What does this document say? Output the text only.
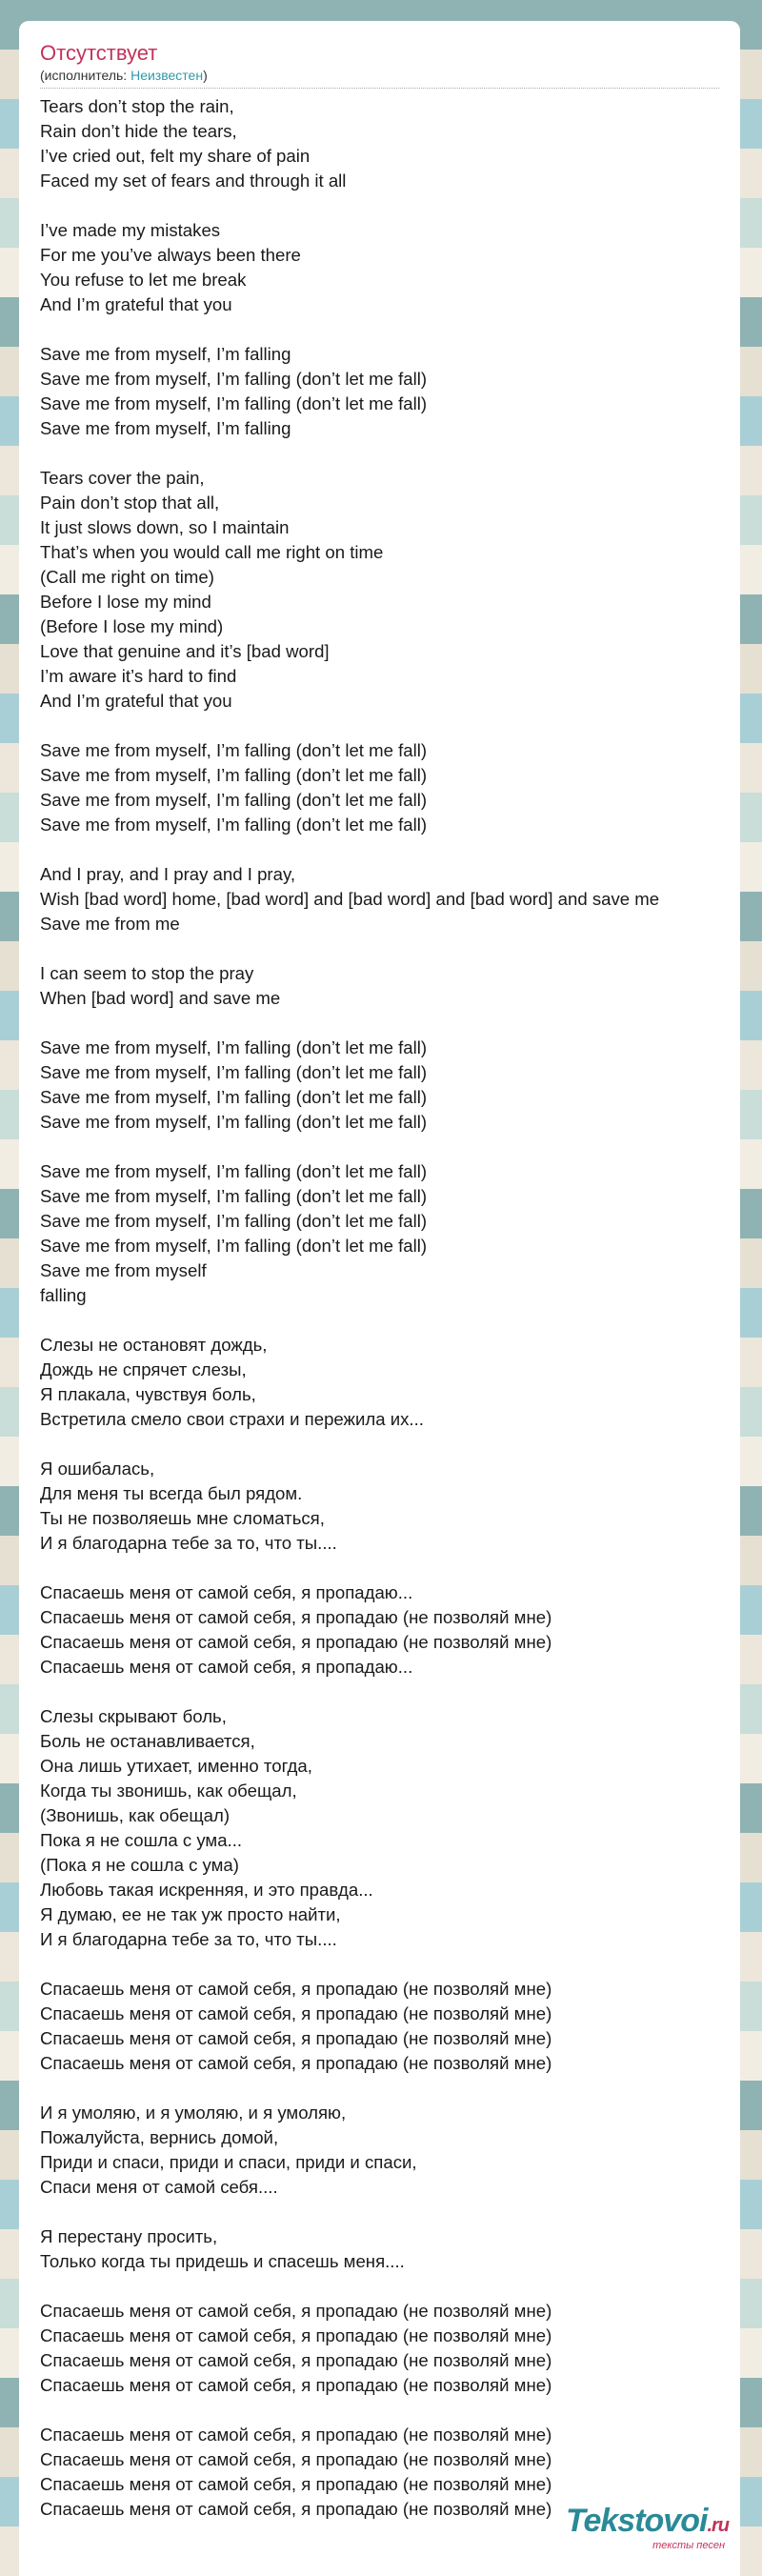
Отсутствует
(исполнитель: Неизвестен)
Tears don’t stop the rain,
Rain don’t hide the tears,
I’ve cried out, felt my share of pain
Faced my set of fears and through it all
I’ve made my mistakes
For me you’ve always been there
You refuse to let me break
And I’m grateful that you
Save me from myself, I’m falling
Save me from myself, I’m falling (don’t let me fall)
Save me from myself, I’m falling (don’t let me fall)
Save me from myself, I’m falling
Tears cover the pain,
Pain don’t stop that all,
It just slows down, so I maintain
That’s when you would call me right on time
(Call me right on time)
Before I lose my mind
(Before I lose my mind)
Love that genuine and it’s [bad word]
I’m aware it’s hard to find
And I’m grateful that you
Save me from myself, I’m falling (don’t let me fall)
Save me from myself, I’m falling (don’t let me fall)
Save me from myself, I’m falling (don’t let me fall)
Save me from myself, I’m falling (don’t let me fall)
And I pray, and I pray and I pray,
Wish [bad word] home, [bad word] and [bad word] and [bad word] and save me
Save me from me
I can seem to stop the pray
When [bad word] and save me
Save me from myself, I’m falling (don’t let me fall)
Save me from myself, I’m falling (don’t let me fall)
Save me from myself, I’m falling (don’t let me fall)
Save me from myself, I’m falling (don’t let me fall)
Save me from myself, I’m falling (don’t let me fall)
Save me from myself, I’m falling (don’t let me fall)
Save me from myself, I’m falling (don’t let me fall)
Save me from myself, I’m falling (don’t let me fall)
Save me from myself
falling
Слезы не остановят дождь,
Дождь не спрячет слезы,
Я плакала, чувствуя боль,
Встретила смело свои страхи и пережила их...
Я ошибалась,
Для меня ты всегда был рядом.
Ты не позволяешь мне сломаться,
И я благодарна тебе за то, что ты....
Спасаешь меня от самой себя, я пропадаю...
Спасаешь меня от самой себя, я пропадаю (не позволяй мне)
Спасаешь меня от самой себя, я пропадаю (не позволяй мне)
Спасаешь меня от самой себя, я пропадаю...
Слезы скрывают боль,
Боль не останавливается,
Она лишь утихает, именно тогда,
Когда ты звонишь, как обещал,
(Звонишь, как обещал)
Пока я не сошла с ума...
(Пока я не сошла с ума)
Любовь такая искренняя, и это правда...
Я думаю, ее не так уж просто найти,
И я благодарна тебе за то, что ты....
Спасаешь меня от самой себя, я пропадаю (не позволяй мне)
Спасаешь меня от самой себя, я пропадаю (не позволяй мне)
Спасаешь меня от самой себя, я пропадаю (не позволяй мне)
Спасаешь меня от самой себя, я пропадаю (не позволяй мне)
И я умоляю, и я умоляю, и я умоляю,
Пожалуйста, вернись домой,
Приди и спаси, приди и спаси, приди и спаси,
Спаси меня от самой себя....
Я перестану просить,
Только когда ты придешь и спасешь меня....
Спасаешь меня от самой себя, я пропадаю (не позволяй мне)
Спасаешь меня от самой себя, я пропадаю (не позволяй мне)
Спасаешь меня от самой себя, я пропадаю (не позволяй мне)
Спасаешь меня от самой себя, я пропадаю (не позволяй мне)
Спасаешь меня от самой себя, я пропадаю (не позволяй мне)
Спасаешь меня от самой себя, я пропадаю (не позволяй мне)
Спасаешь меня от самой себя, я пропадаю (не позволяй мне)
Спасаешь меня от самой себя, я пропадаю (не позволяй мне) Tekstovoi.ru
тексты песен
